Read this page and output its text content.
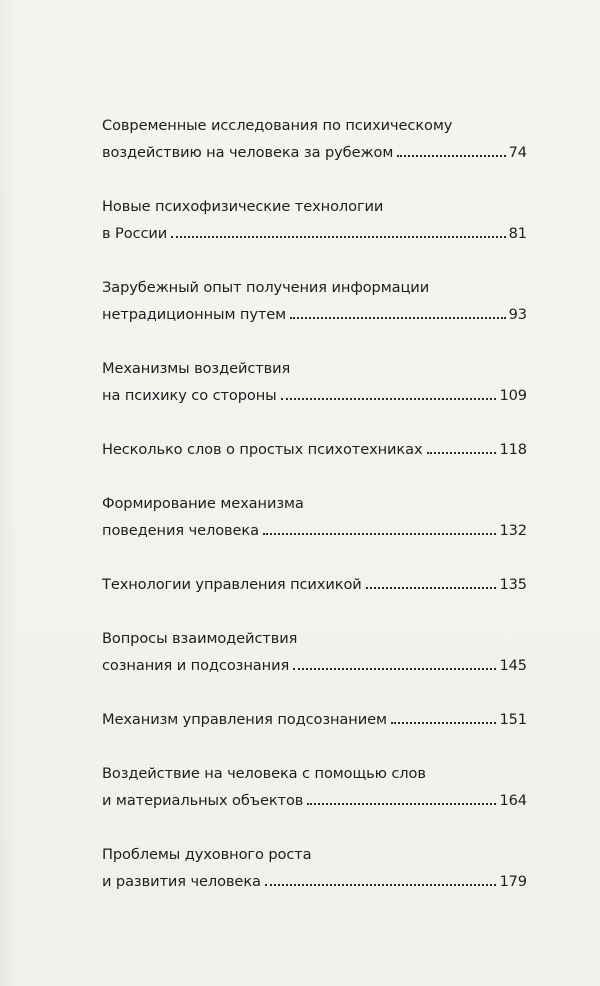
Современные исследования по психическому
воздействию на человека за рубежом	74
Новые психофизические технологии
в России	81
Зарубежный опыт получения информации
нетрадиционным путем	93
Механизмы воздействия
на психику со стороны	109
Несколько слов о простых психотехниках	118
Формирование механизма
поведения человека	132
Технологии управления психикой	135
Вопросы взаимодействия
сознания и подсознания	145
Механизм управления подсознанием	151
Воздействие на человека с помощью слов
и материальных объектов	164
Проблемы духовного роста
и развития человека	179
